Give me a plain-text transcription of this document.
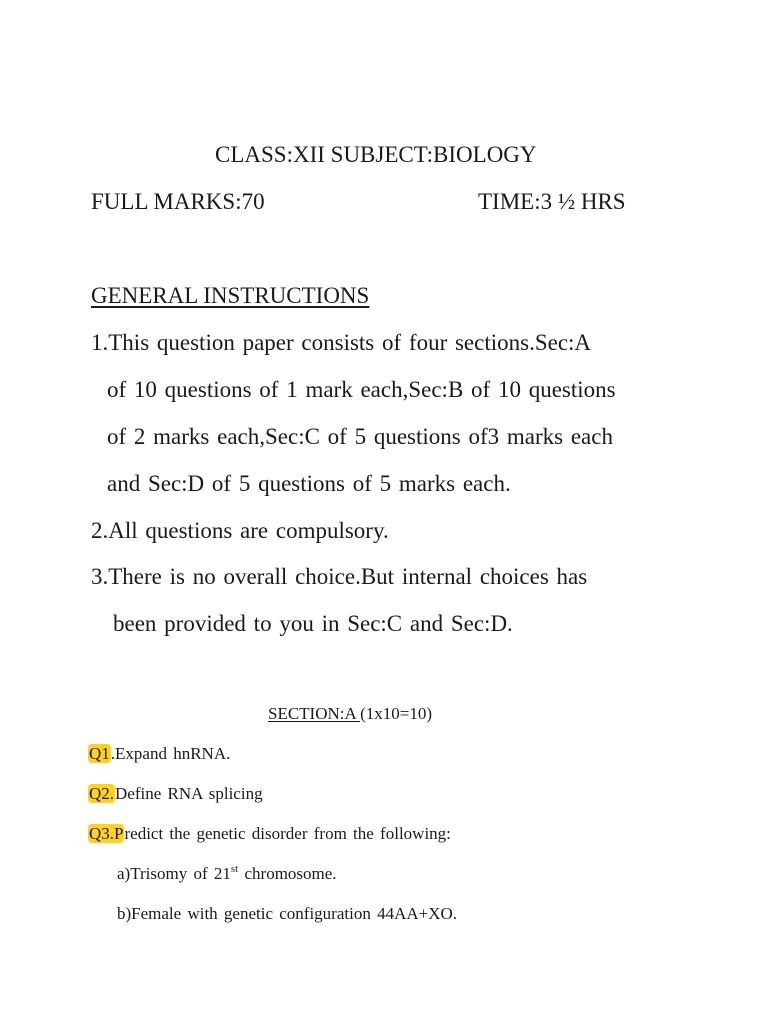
CLASS:XII SUBJECT:BIOLOGY
FULL MARKS:70	TIME:3 ½ HRS
GENERAL INSTRUCTIONS
1.This question paper consists of four sections.Sec:A
of 10 questions of 1 mark each,Sec:B of 10 questions
of 2 marks each,Sec:C of 5 questions of3 marks each
and Sec:D of 5 questions of 5 marks each.
2.All questions are compulsory.
3.There is no overall choice.But internal choices has
been provided to you in Sec:C and Sec:D.
SECTION:A (1x10=10)
Q1.Expand hnRNA.
Q2.Define RNA splicing
Q3.Predict the genetic disorder from the following:
a)Trisomy of 21st chromosome.
b)Female with genetic configuration 44AA+XO.
